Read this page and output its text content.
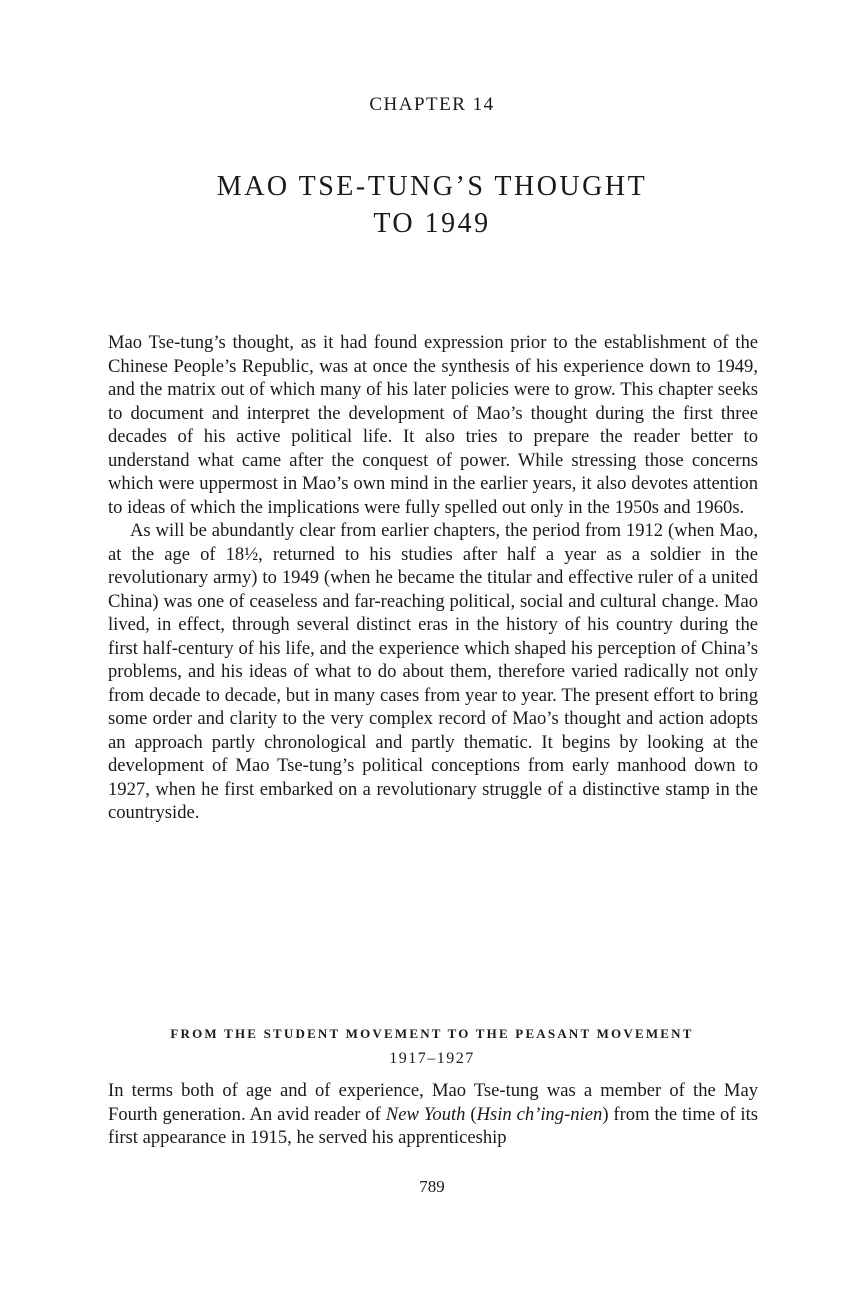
CHAPTER 14
MAO TSE-TUNG’S THOUGHT
TO 1949

Mao Tse-tung’s thought, as it had found expression prior to the establishment of the Chinese People’s Republic, was at once the synthesis of his experience down to 1949, and the matrix out of which many of his later policies were to grow. This chapter seeks to document and interpret the development of Mao’s thought during the first three decades of his active political life. It also tries to prepare the reader better to understand what came after the conquest of power. While stressing those concerns which were uppermost in Mao’s own mind in the earlier years, it also devotes attention to ideas of which the implications were fully spelled out only in the 1950s and 1960s.

As will be abundantly clear from earlier chapters, the period from 1912 (when Mao, at the age of 18½, returned to his studies after half a year as a soldier in the revolutionary army) to 1949 (when he became the titular and effective ruler of a united China) was one of ceaseless and far-reaching political, social and cultural change. Mao lived, in effect, through several distinct eras in the history of his country during the first half-century of his life, and the experience which shaped his perception of China’s problems, and his ideas of what to do about them, therefore varied radically not only from decade to decade, but in many cases from year to year. The present effort to bring some order and clarity to the very complex record of Mao’s thought and action adopts an approach partly chronological and partly thematic. It begins by looking at the development of Mao Tse-tung’s political conceptions from early manhood down to 1927, when he first embarked on a revolutionary struggle of a distinctive stamp in the countryside.

FROM THE STUDENT MOVEMENT TO THE PEASANT MOVEMENT
1917–1927

In terms both of age and of experience, Mao Tse-tung was a member of the May Fourth generation. An avid reader of New Youth (Hsin ch’ing-nien) from the time of its first appearance in 1915, he served his apprenticeship

789
